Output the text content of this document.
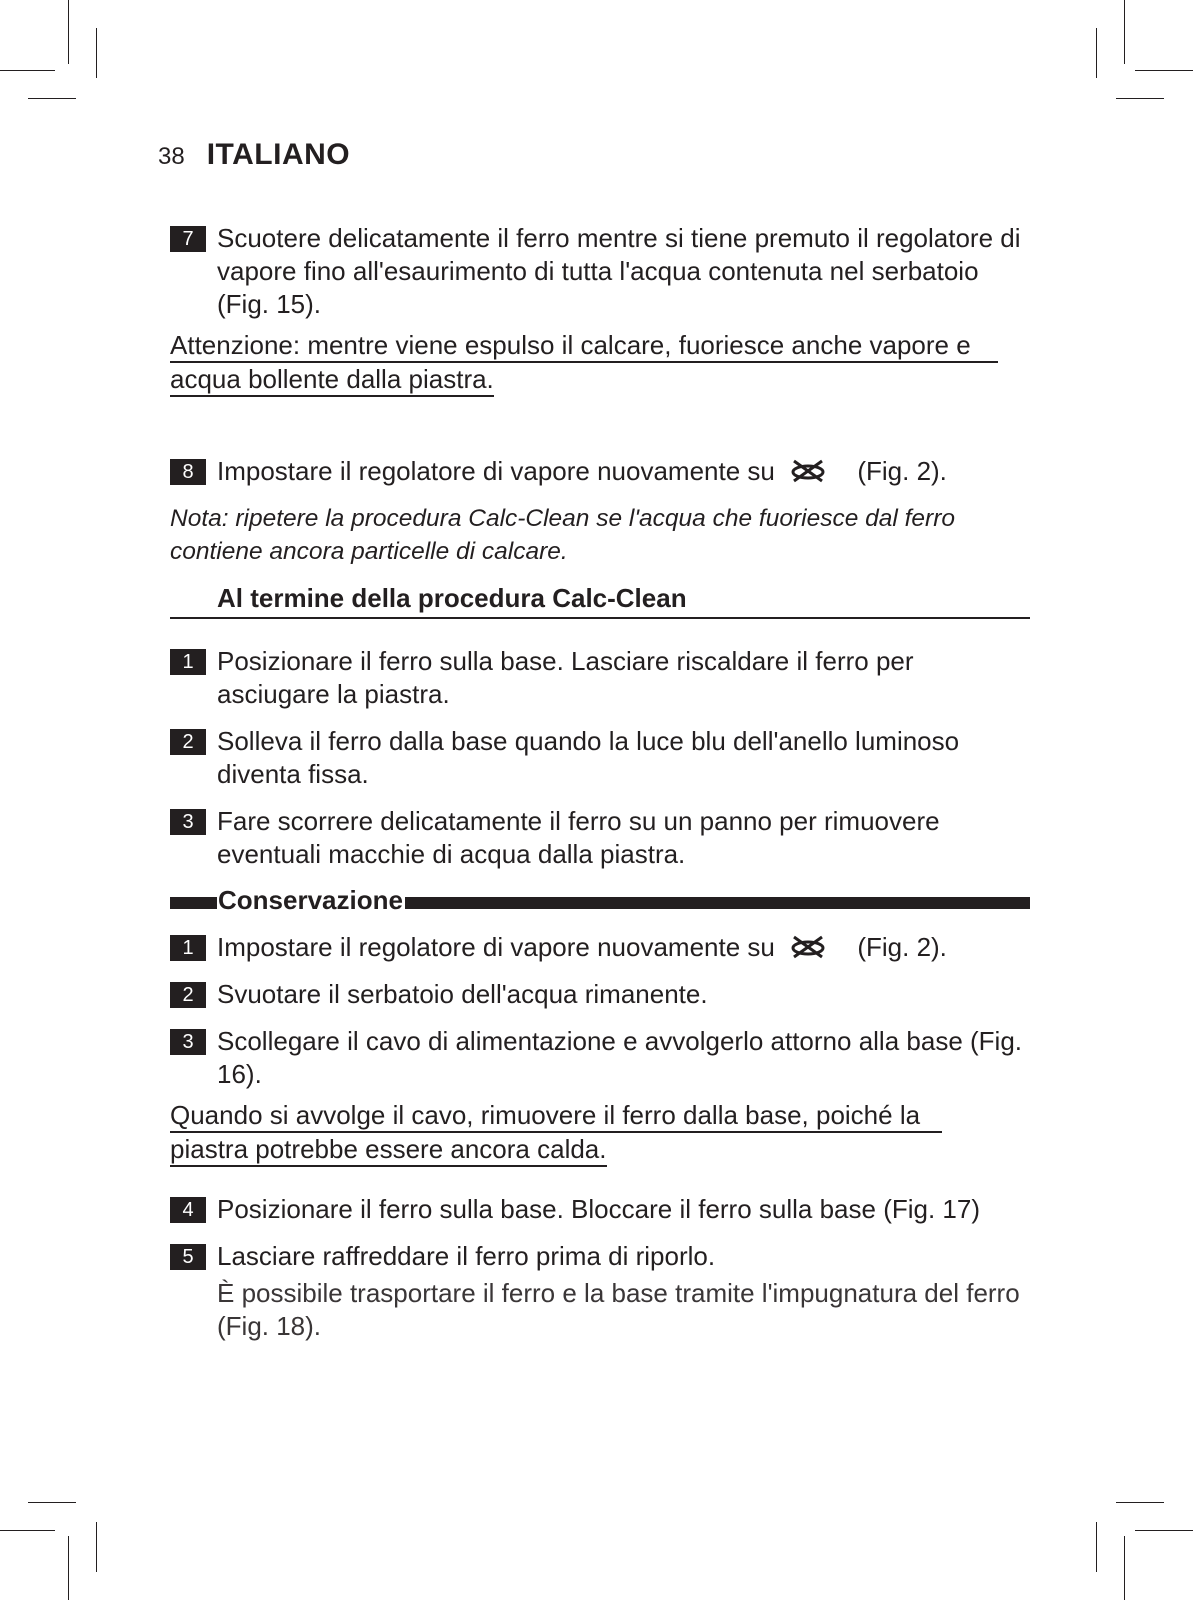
38 ITALIANO
7 Scuotere delicatamente il ferro mentre si tiene premuto il regolatore di vapore fino all'esaurimento di tutta l'acqua contenuta nel serbatoio (Fig. 15).
Attenzione: mentre viene espulso il calcare, fuoriesce anche vapore e
acqua bollente dalla piastra.
8 Impostare il regolatore di vapore nuovamente su	(Fig. 2).
Nota: ripetere la procedura Calc-Clean se l'acqua che fuoriesce dal ferro contiene ancora particelle di calcare.
Al termine della procedura Calc-Clean
1 Posizionare il ferro sulla base. Lasciare riscaldare il ferro per asciugare la piastra.
2 Solleva il ferro dalla base quando la luce blu dell'anello luminoso diventa fissa.
3 Fare scorrere delicatamente il ferro su un panno per rimuovere eventuali macchie di acqua dalla piastra.
Conservazione
1 Impostare il regolatore di vapore nuovamente su	(Fig. 2).
2 Svuotare il serbatoio dell'acqua rimanente.
3 Scollegare il cavo di alimentazione e avvolgerlo attorno alla base (Fig. 16).
Quando si avvolge il cavo, rimuovere il ferro dalla base, poiché la
piastra potrebbe essere ancora calda.
4 Posizionare il ferro sulla base. Bloccare il ferro sulla base (Fig. 17)
5 Lasciare raffreddare il ferro prima di riporlo.
È possibile trasportare il ferro e la base tramite l'impugnatura del ferro (Fig. 18).
